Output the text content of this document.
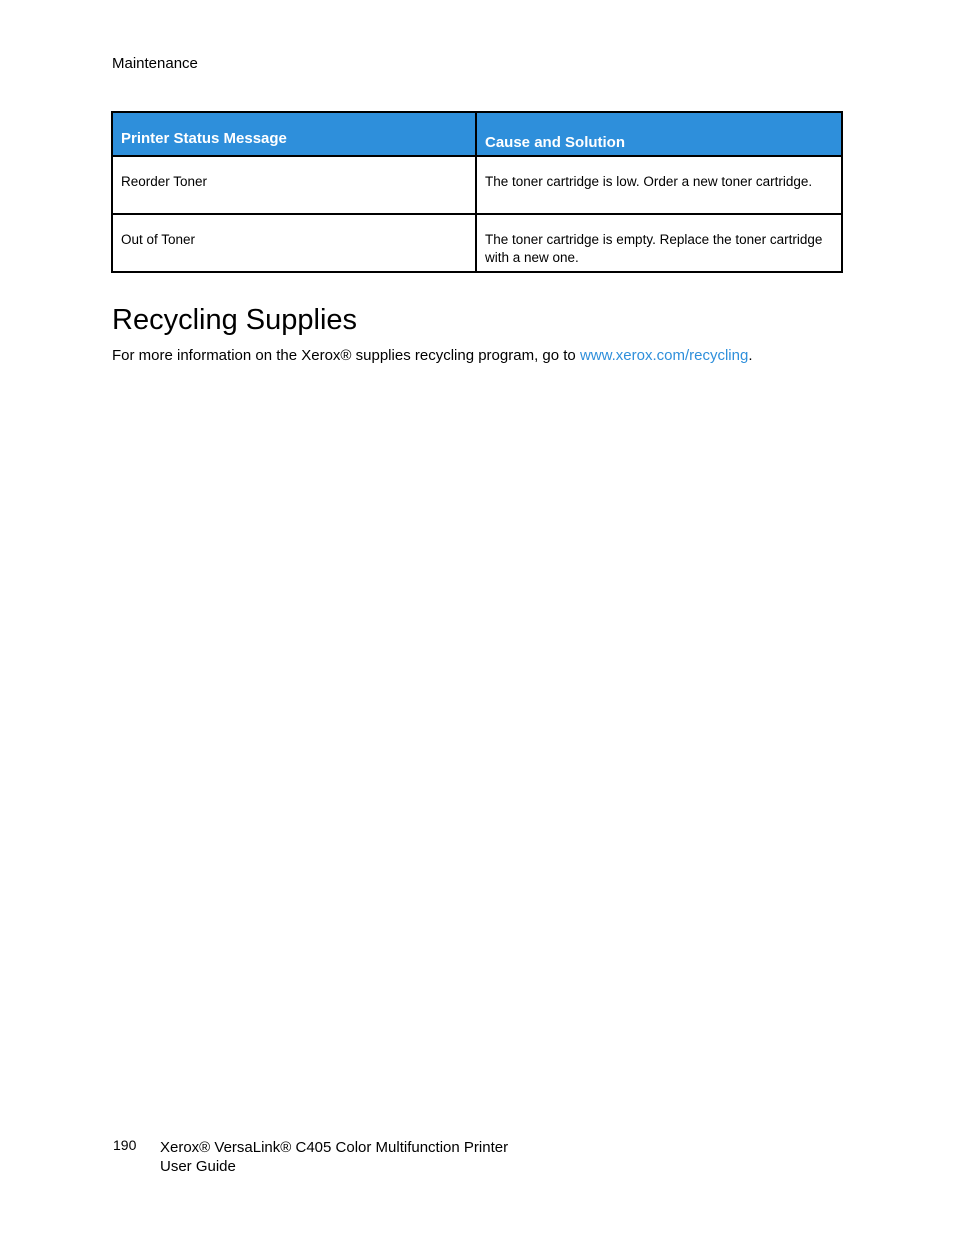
Maintenance
Printer Status Message	Cause and Solution
Reorder Toner	The toner cartridge is low. Order a new toner cartridge.
Out of Toner	The toner cartridge is empty. Replace the toner cartridge with a new one.
Recycling Supplies

For more information on the Xerox® supplies recycling program, go to www.xerox.com/recycling.

190 Xerox® VersaLink® C405 Color Multifunction Printer
User Guide
